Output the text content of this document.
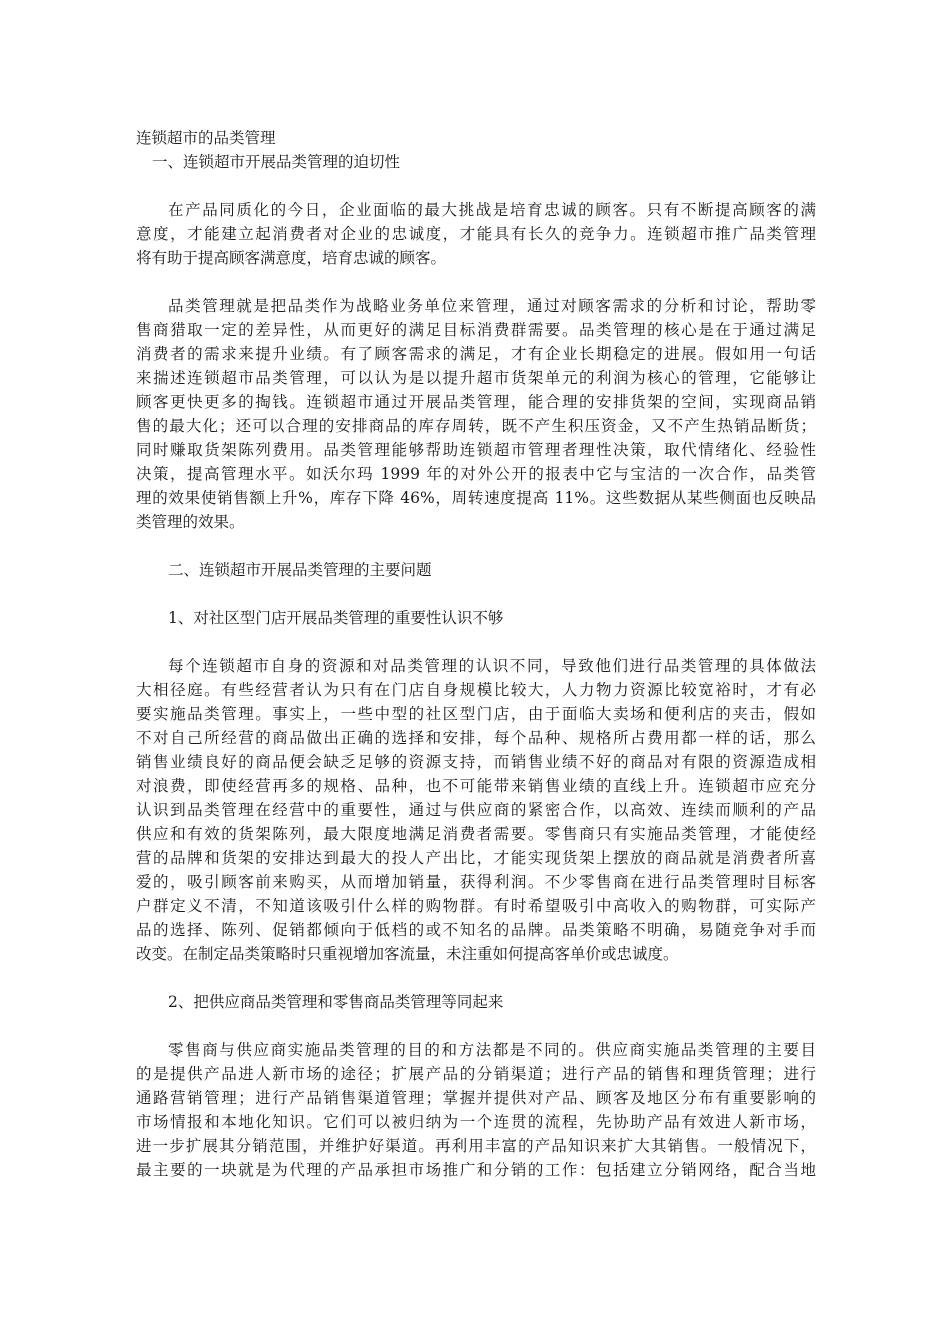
连锁超市的品类管理

一、连锁超市开展品类管理的迫切性

在产品同质化的今日，企业面临的最大挑战是培育忠诚的顾客。只有不断提高顾客的满
意度，才能建立起消费者对企业的忠诚度，才能具有长久的竞争力。连锁超市推广品类管理
将有助于提高顾客满意度，培育忠诚的顾客。
品类管理就是把品类作为战略业务单位来管理，通过对顾客需求的分析和讨论，帮助零
售商猎取一定的差异性，从而更好的满足目标消费群需要。品类管理的核心是在于通过满足
消费者的需求来提升业绩。有了顾客需求的满足，才有企业长期稳定的进展。假如用一句话
来揣述连锁超市品类管理，可以认为是以提升超市货架单元的利润为核心的管理，它能够让
顾客更快更多的掏钱。连锁超市通过开展品类管理，能合理的安排货架的空间，实现商品销
售的最大化；还可以合理的安排商品的库存周转，既不产生积压资金，又不产生热销品断货；
同时赚取货架陈列费用。品类管理能够帮助连锁超市管理者理性决策，取代情绪化、经验性
决策，提高管理水平。如沃尔玛 1999 年的对外公开的报表中它与宝洁的一次合作，品类管
理的效果使销售额上升%，库存下降 46%，周转速度提高 11%。这些数据从某些侧面也反映品
类管理的效果。

二、连锁超市开展品类管理的主要问题

1、对社区型门店开展品类管理的重要性认识不够

每个连锁超市自身的资源和对品类管理的认识不同，导致他们进行品类管理的具体做法
大相径庭。有些经营者认为只有在门店自身规模比较大，人力物力资源比较宽裕时，才有必
要实施品类管理。事实上，一些中型的社区型门店，由于面临大卖场和便利店的夹击，假如
不对自己所经营的商品做出正确的选择和安排，每个品种、规格所占费用都一样的话，那么
销售业绩良好的商品便会缺乏足够的资源支持，而销售业绩不好的商品对有限的资源造成相
对浪费，即使经营再多的规格、品种，也不可能带来销售业绩的直线上升。连锁超市应充分
认识到品类管理在经营中的重要性，通过与供应商的紧密合作，以高效、连续而顺利的产品
供应和有效的货架陈列，最大限度地满足消费者需要。零售商只有实施品类管理，才能使经
营的品牌和货架的安排达到最大的投人产出比，才能实现货架上摆放的商品就是消费者所喜
爱的，吸引顾客前来购买，从而增加销量，获得利润。不少零售商在进行品类管理时目标客
户群定义不清，不知道该吸引什么样的购物群。有时希望吸引中高收入的购物群，可实际产
品的选择、陈列、促销都倾向于低档的或不知名的品牌。品类策略不明确，易随竞争对手而
改变。在制定品类策略时只重视增加客流量，未注重如何提高客单价或忠诚度。

2、把供应商品类管理和零售商品类管理等同起来

零售商与供应商实施品类管理的目的和方法都是不同的。供应商实施品类管理的主要目
的是提供产品进人新市场的途径；扩展产品的分销渠道；进行产品的销售和理货管理；进行
通路营销管理；进行产品销售渠道管理；掌握并提供对产品、顾客及地区分布有重要影响的
市场情报和本地化知识。它们可以被归纳为一个连贯的流程，先协助产品有效进人新市场，
进一步扩展其分销范围，并维护好渠道。再利用丰富的产品知识来扩大其销售。一般情况下，
最主要的一块就是为代理的产品承担市场推广和分销的工作：包括建立分销网络，配合当地
